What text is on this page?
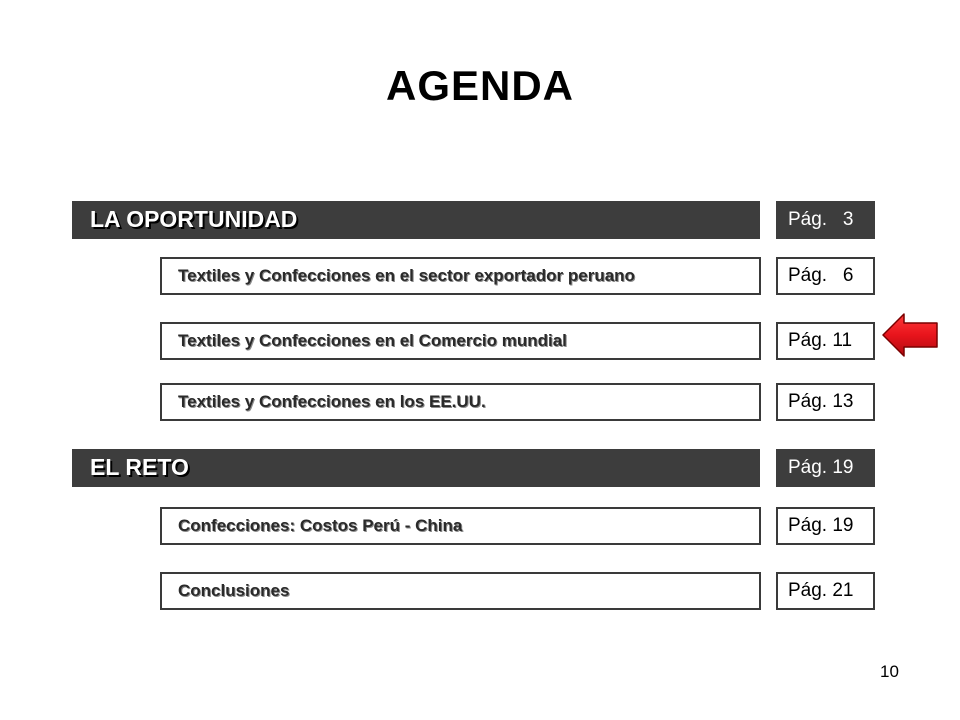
AGENDA
LA OPORTUNIDAD	Pág.   3
Textiles y Confecciones en el sector exportador peruano	Pág.   6
Textiles y Confecciones en el Comercio mundial	Pág. 11
Textiles y Confecciones en los EE.UU.	Pág. 13
EL RETO	Pág. 19
Confecciones: Costos Perú - China	Pág. 19
Conclusiones	Pág. 21
10
